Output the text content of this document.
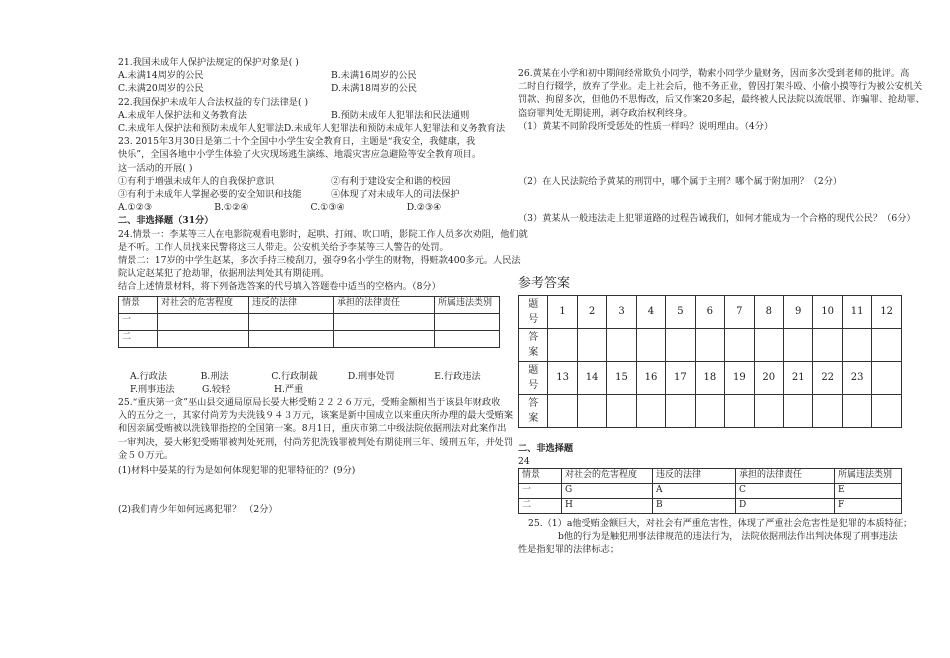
21.我国未成年人保护法规定的保护对象是( )
A.未满14周岁的公民	B.未满16周岁的公民
C.未满20周岁的公民	D.未满18周岁的公民
22.我国保护未成年人合法权益的专门法律是( )
A.未成年人保护法和义务教育法	B.预防未成年人犯罪法和民法通则
C.未成年人保护法和预防未成年人犯罪法 D.未成年人犯罪法和预防未成年人犯罪法和义务教育法
23. 2015年3月30日是第二十个全国中小学生安全教育日，主题是“我安全，我健康，我
快乐”，全国各地中小学生体验了火灾现场逃生演练、地震灾害应急避险等安全教育项目。
这一活动的开展( )
①有利于增强未成年人的自我保护意识	②有利于建设安全和谐的校园
③有利于未成年人掌握必要的安全知识和技能	④体现了对未成年人的司法保护
A.①②③	B.①②④	C.①③④	D.②③④
二、非选择题（31分）
24.情景一：李某等三人在电影院观看电影时，起哄、打闹、吹口哨，影院工作人员多次劝阻，他们就
是不听。工作人员找来民警将这三人带走。公安机关给予李某等三人警告的处罚。
情景二：17岁的中学生赵某，多次手持三棱刮刀，强夺9名小学生的财物，得赃款400多元。人民法
院认定赵某犯了抢劫罪，依据刑法判处其有期徒刑。
结合上述情景材料，将下列备选答案的代号填入答题卷中适当的空格内。（8分）
情景	对社会的危害程度	违反的法律	承担的法律责任	所属违法类别
一				
二				
A.行政法	B.刑法	C.行政制裁	D.刑事处罚	E.行政违法
F.刑事违法	G.较轻	H.严重
25.“重庆第一贪”巫山县交通局原局长晏大彬受贿２２２６万元，受贿金额相当于该县年财政收
入的五分之一，其家付尚芳为夫洗钱９４３万元，该案是新中国成立以来重庆所办理的最大受贿案
和因亲属受贿被以洗钱罪指控的全国第一案。8月1日，重庆市第二中级法院依据刑法对此案作出
一审判决，晏大彬犯受贿罪被判处死刑，付尚芳犯洗钱罪被判处有期徒刑三年、缓刑五年，并处罚
金５０万元。
(1)材料中晏某的行为是如何体现犯罪的犯罪特征的？(9分)
(2)我们青少年如何远离犯罪？ （2分）
26.黄某在小学和初中期间经常欺负小同学，勒索小同学少量财务，因而多次受到老师的批评。高
二时自行辍学，放弃了学业。走上社会后，他不务正业，曾因打架斗殴、小偷小摸等行为被公安机关
罚款、拘留多次，但他仍不思悔改，后又作案20多起，最终被人民法院以流氓罪、诈骗罪、抢劫罪、
盗窃罪判处无期徒刑，剥夺政治权利终身。
（1）黄某不同阶段所受惩处的性质一样吗？说明理由。（4分）
（2）在人民法院给予黄某的刑罚中，哪个属于主刑？哪个属于附加刑？（2分）
（3）黄某从一般违法走上犯罪道路的过程告诫我们，如何才能成为一个合格的现代公民？（6分）
参考答案
题
号	1	2	3	4	5	6	7	8	9	10	11	12
答
案												
题
号	13	14	15	16	17	18	19	20	21	22	23	
答
案												
二、非选择题
24
情景	对社会的危害程度	违反的法律	承担的法律责任	所属违法类别
一	G	A	C	E
二	H	B	D	F
25.（1）a他受贿金额巨大，对社会有严重危害性，体现了严重社会危害性是犯罪的本质特征；
b他的行为是触犯刑事法律规范的违法行为， 法院依据刑法作出判决体现了刑事违法
性是指犯罪的法律标志；
